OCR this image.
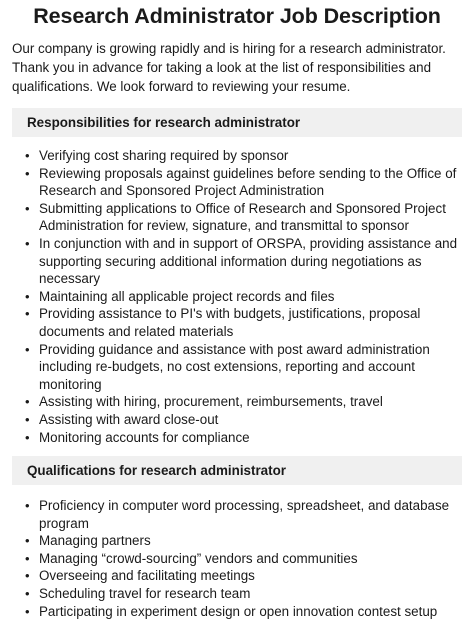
Research Administrator Job Description

Our company is growing rapidly and is hiring for a research administrator. Thank you in advance for taking a look at the list of responsibilities and qualifications. We look forward to reviewing your resume.

Responsibilities for research administrator
• Verifying cost sharing required by sponsor
• Reviewing proposals against guidelines before sending to the Office of Research and Sponsored Project Administration
• Submitting applications to Office of Research and Sponsored Project Administration for review, signature, and transmittal to sponsor
• In conjunction with and in support of ORSPA, providing assistance and supporting securing additional information during negotiations as necessary
• Maintaining all applicable project records and files
• Providing assistance to PI's with budgets, justifications, proposal documents and related materials
• Providing guidance and assistance with post award administration including re-budgets, no cost extensions, reporting and account monitoring
• Assisting with hiring, procurement, reimbursements, travel
• Assisting with award close-out
• Monitoring accounts for compliance
Qualifications for research administrator
• Proficiency in computer word processing, spreadsheet, and database program
• Managing partners
• Managing “crowd-sourcing” vendors and communities
• Overseeing and facilitating meetings
• Scheduling travel for research team
• Participating in experiment design or open innovation contest setup
